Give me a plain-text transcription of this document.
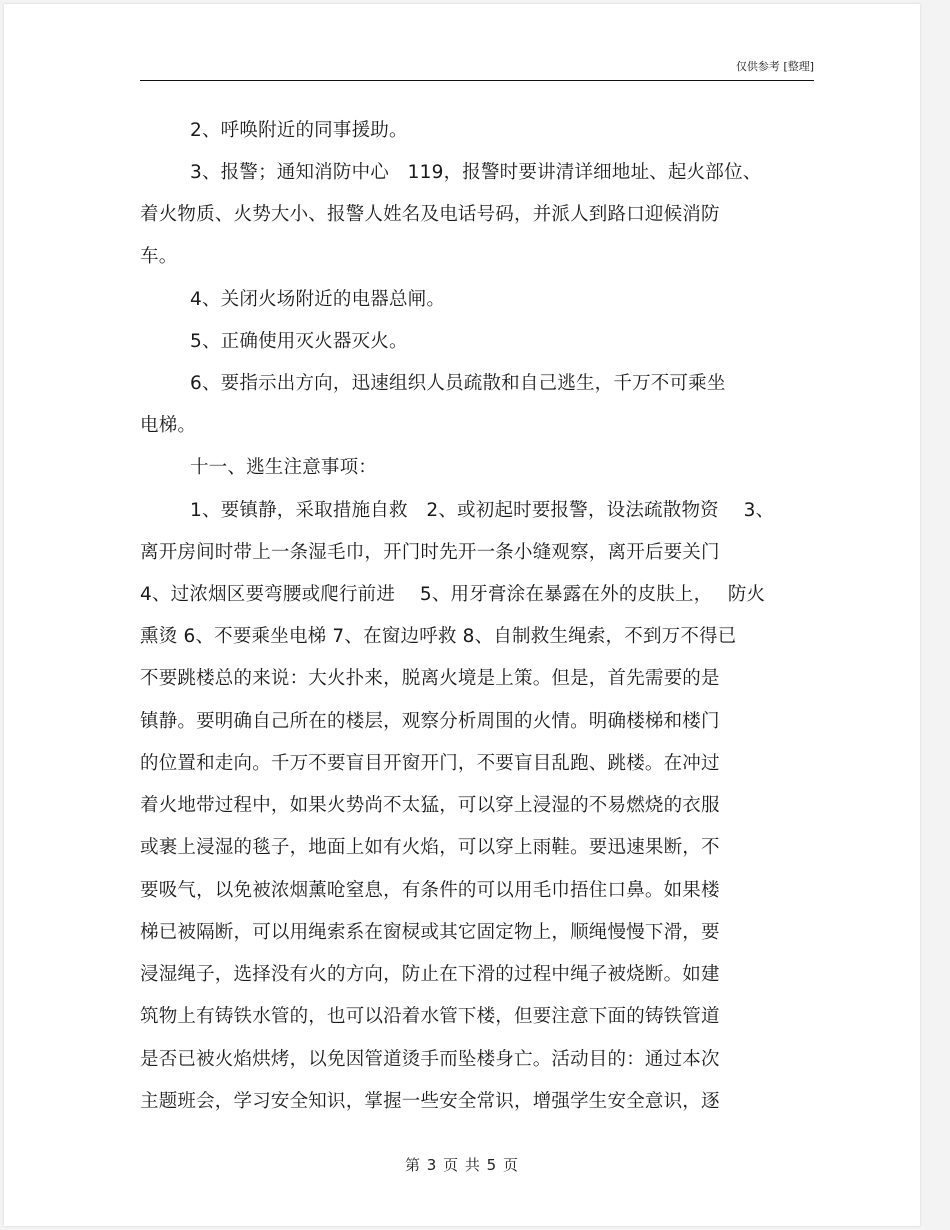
仅供参考 [整理]
2、呼唤附近的同事援助。
3、报警；通知消防中心　119，报警时要讲清详细地址、起火部位、
着火物质、火势大小、报警人姓名及电话号码，并派人到路口迎候消防
车。
4、关闭火场附近的电器总闸。
5、正确使用灭火器灭火。
6、要指示出方向，迅速组织人员疏散和自己逃生，千万不可乘坐
电梯。
十一、逃生注意事项：
1、要镇静，采取措施自救　2、或初起时要报警，设法疏散物资　 3、
离开房间时带上一条湿毛巾，开门时先开一条小缝观察，离开后要关门
4、过浓烟区要弯腰或爬行前进　 5、用牙膏涂在暴露在外的皮肤上，　 防火
熏烫 6、不要乘坐电梯 7、在窗边呼救 8、自制救生绳索，不到万不得已
不要跳楼总的来说：大火扑来，脱离火境是上策。但是，首先需要的是
镇静。要明确自己所在的楼层，观察分析周围的火情。明确楼梯和楼门
的位置和走向。千万不要盲目开窗开门，不要盲目乱跑、跳楼。在冲过
着火地带过程中，如果火势尚不太猛，可以穿上浸湿的不易燃烧的衣服
或裹上浸湿的毯子，地面上如有火焰，可以穿上雨鞋。要迅速果断，不
要吸气，以免被浓烟薰呛窒息，有条件的可以用毛巾捂住口鼻。如果楼
梯已被隔断，可以用绳索系在窗棂或其它固定物上，顺绳慢慢下滑，要
浸湿绳子，选择没有火的方向，防止在下滑的过程中绳子被烧断。如建
筑物上有铸铁水管的，也可以沿着水管下楼，但要注意下面的铸铁管道
是否已被火焰烘烤，以免因管道烫手而坠楼身亡。活动目的：通过本次
主题班会，学习安全知识，掌握一些安全常识，增强学生安全意识，逐
第 3 页 共 5 页
